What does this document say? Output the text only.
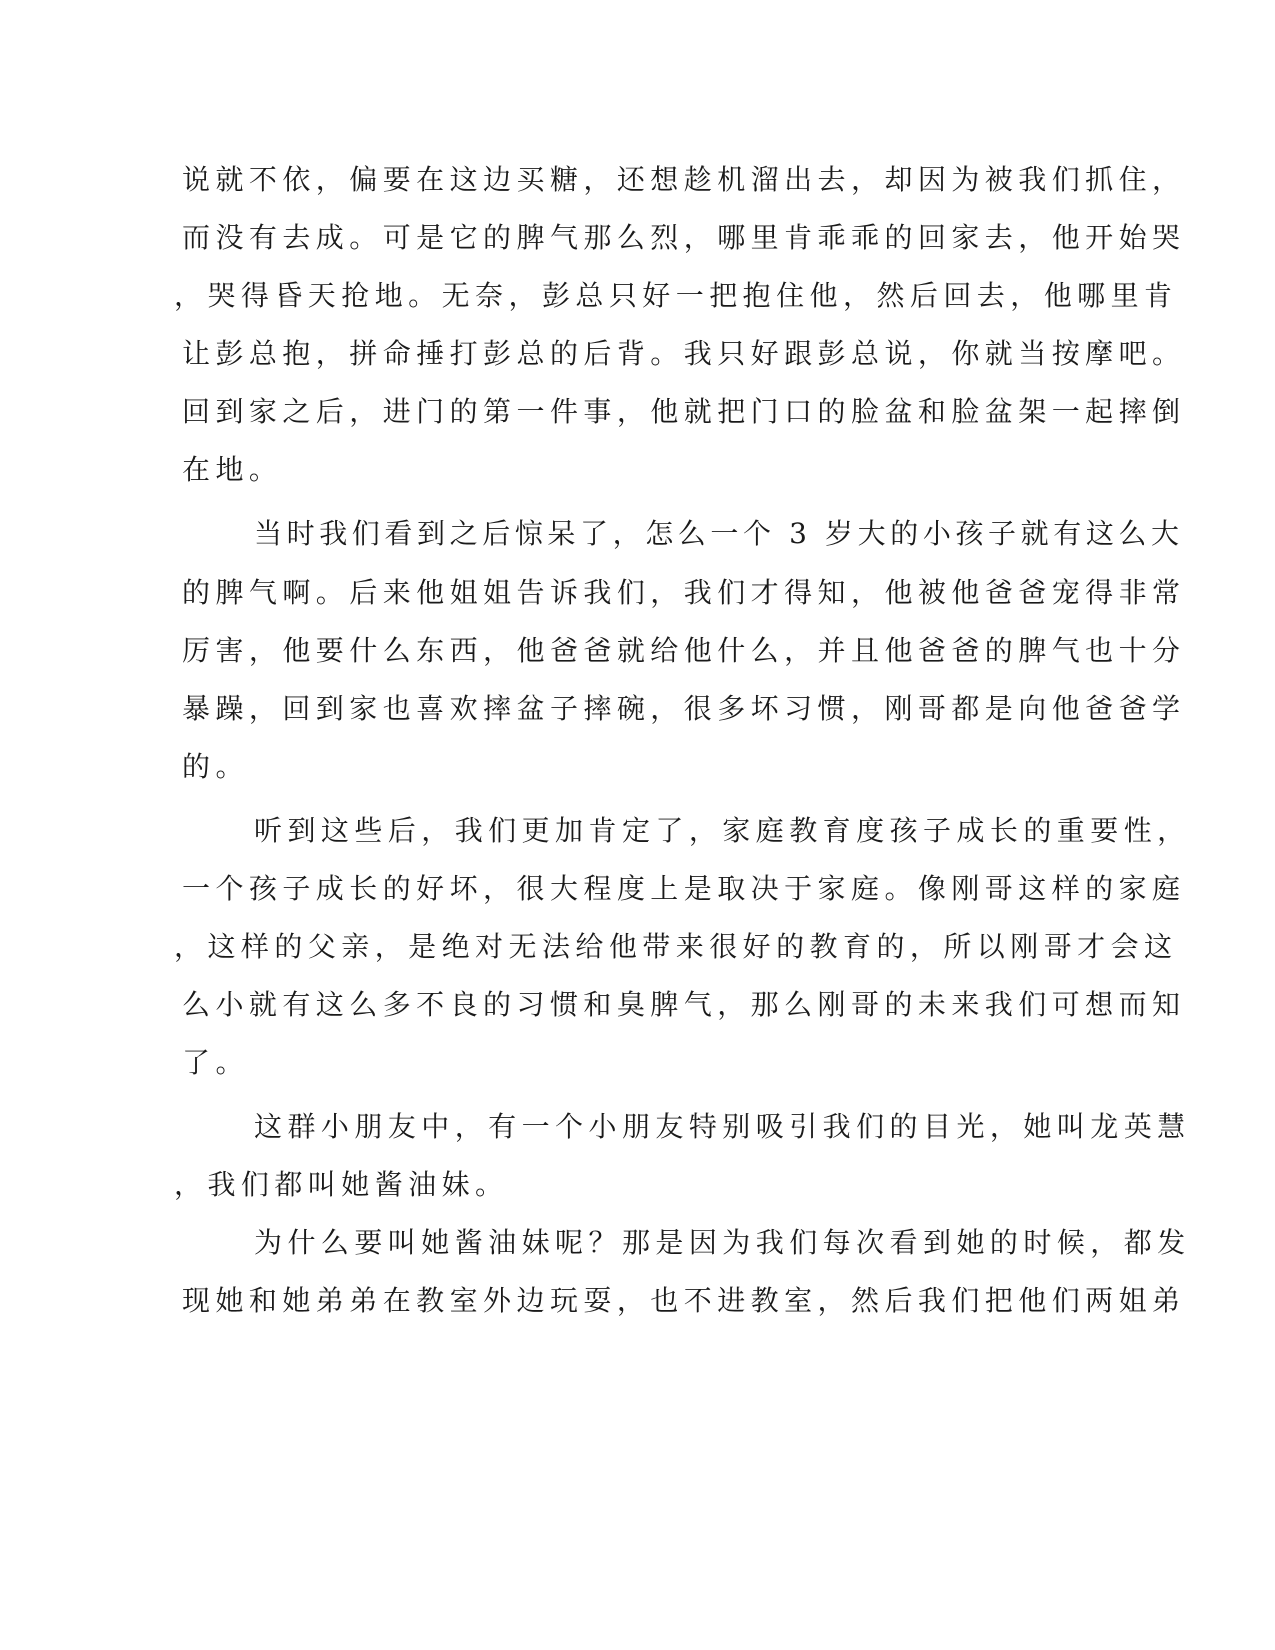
说就不依，偏要在这边买糖，还想趁机溜出去，却因为被我们抓住，
而没有去成。可是它的脾气那么烈，哪里肯乖乖的回家去，他开始哭
，哭得昏天抢地。无奈，彭总只好一把抱住他，然后回去，他哪里肯
让彭总抱，拼命捶打彭总的后背。我只好跟彭总说，你就当按摩吧。
回到家之后，进门的第一件事，他就把门口的脸盆和脸盆架一起摔倒
在地。
当时我们看到之后惊呆了，怎么一个 3 岁大的小孩子就有这么大
的脾气啊。后来他姐姐告诉我们，我们才得知，他被他爸爸宠得非常
厉害，他要什么东西，他爸爸就给他什么，并且他爸爸的脾气也十分
暴躁，回到家也喜欢摔盆子摔碗，很多坏习惯，刚哥都是向他爸爸学
的。
听到这些后，我们更加肯定了，家庭教育度孩子成长的重要性，
一个孩子成长的好坏，很大程度上是取决于家庭。像刚哥这样的家庭
，这样的父亲，是绝对无法给他带来很好的教育的，所以刚哥才会这
么小就有这么多不良的习惯和臭脾气，那么刚哥的未来我们可想而知
了。
这群小朋友中，有一个小朋友特别吸引我们的目光，她叫龙英慧
，我们都叫她酱油妹。
为什么要叫她酱油妹呢？那是因为我们每次看到她的时候，都发
现她和她弟弟在教室外边玩耍，也不进教室，然后我们把他们两姐弟
